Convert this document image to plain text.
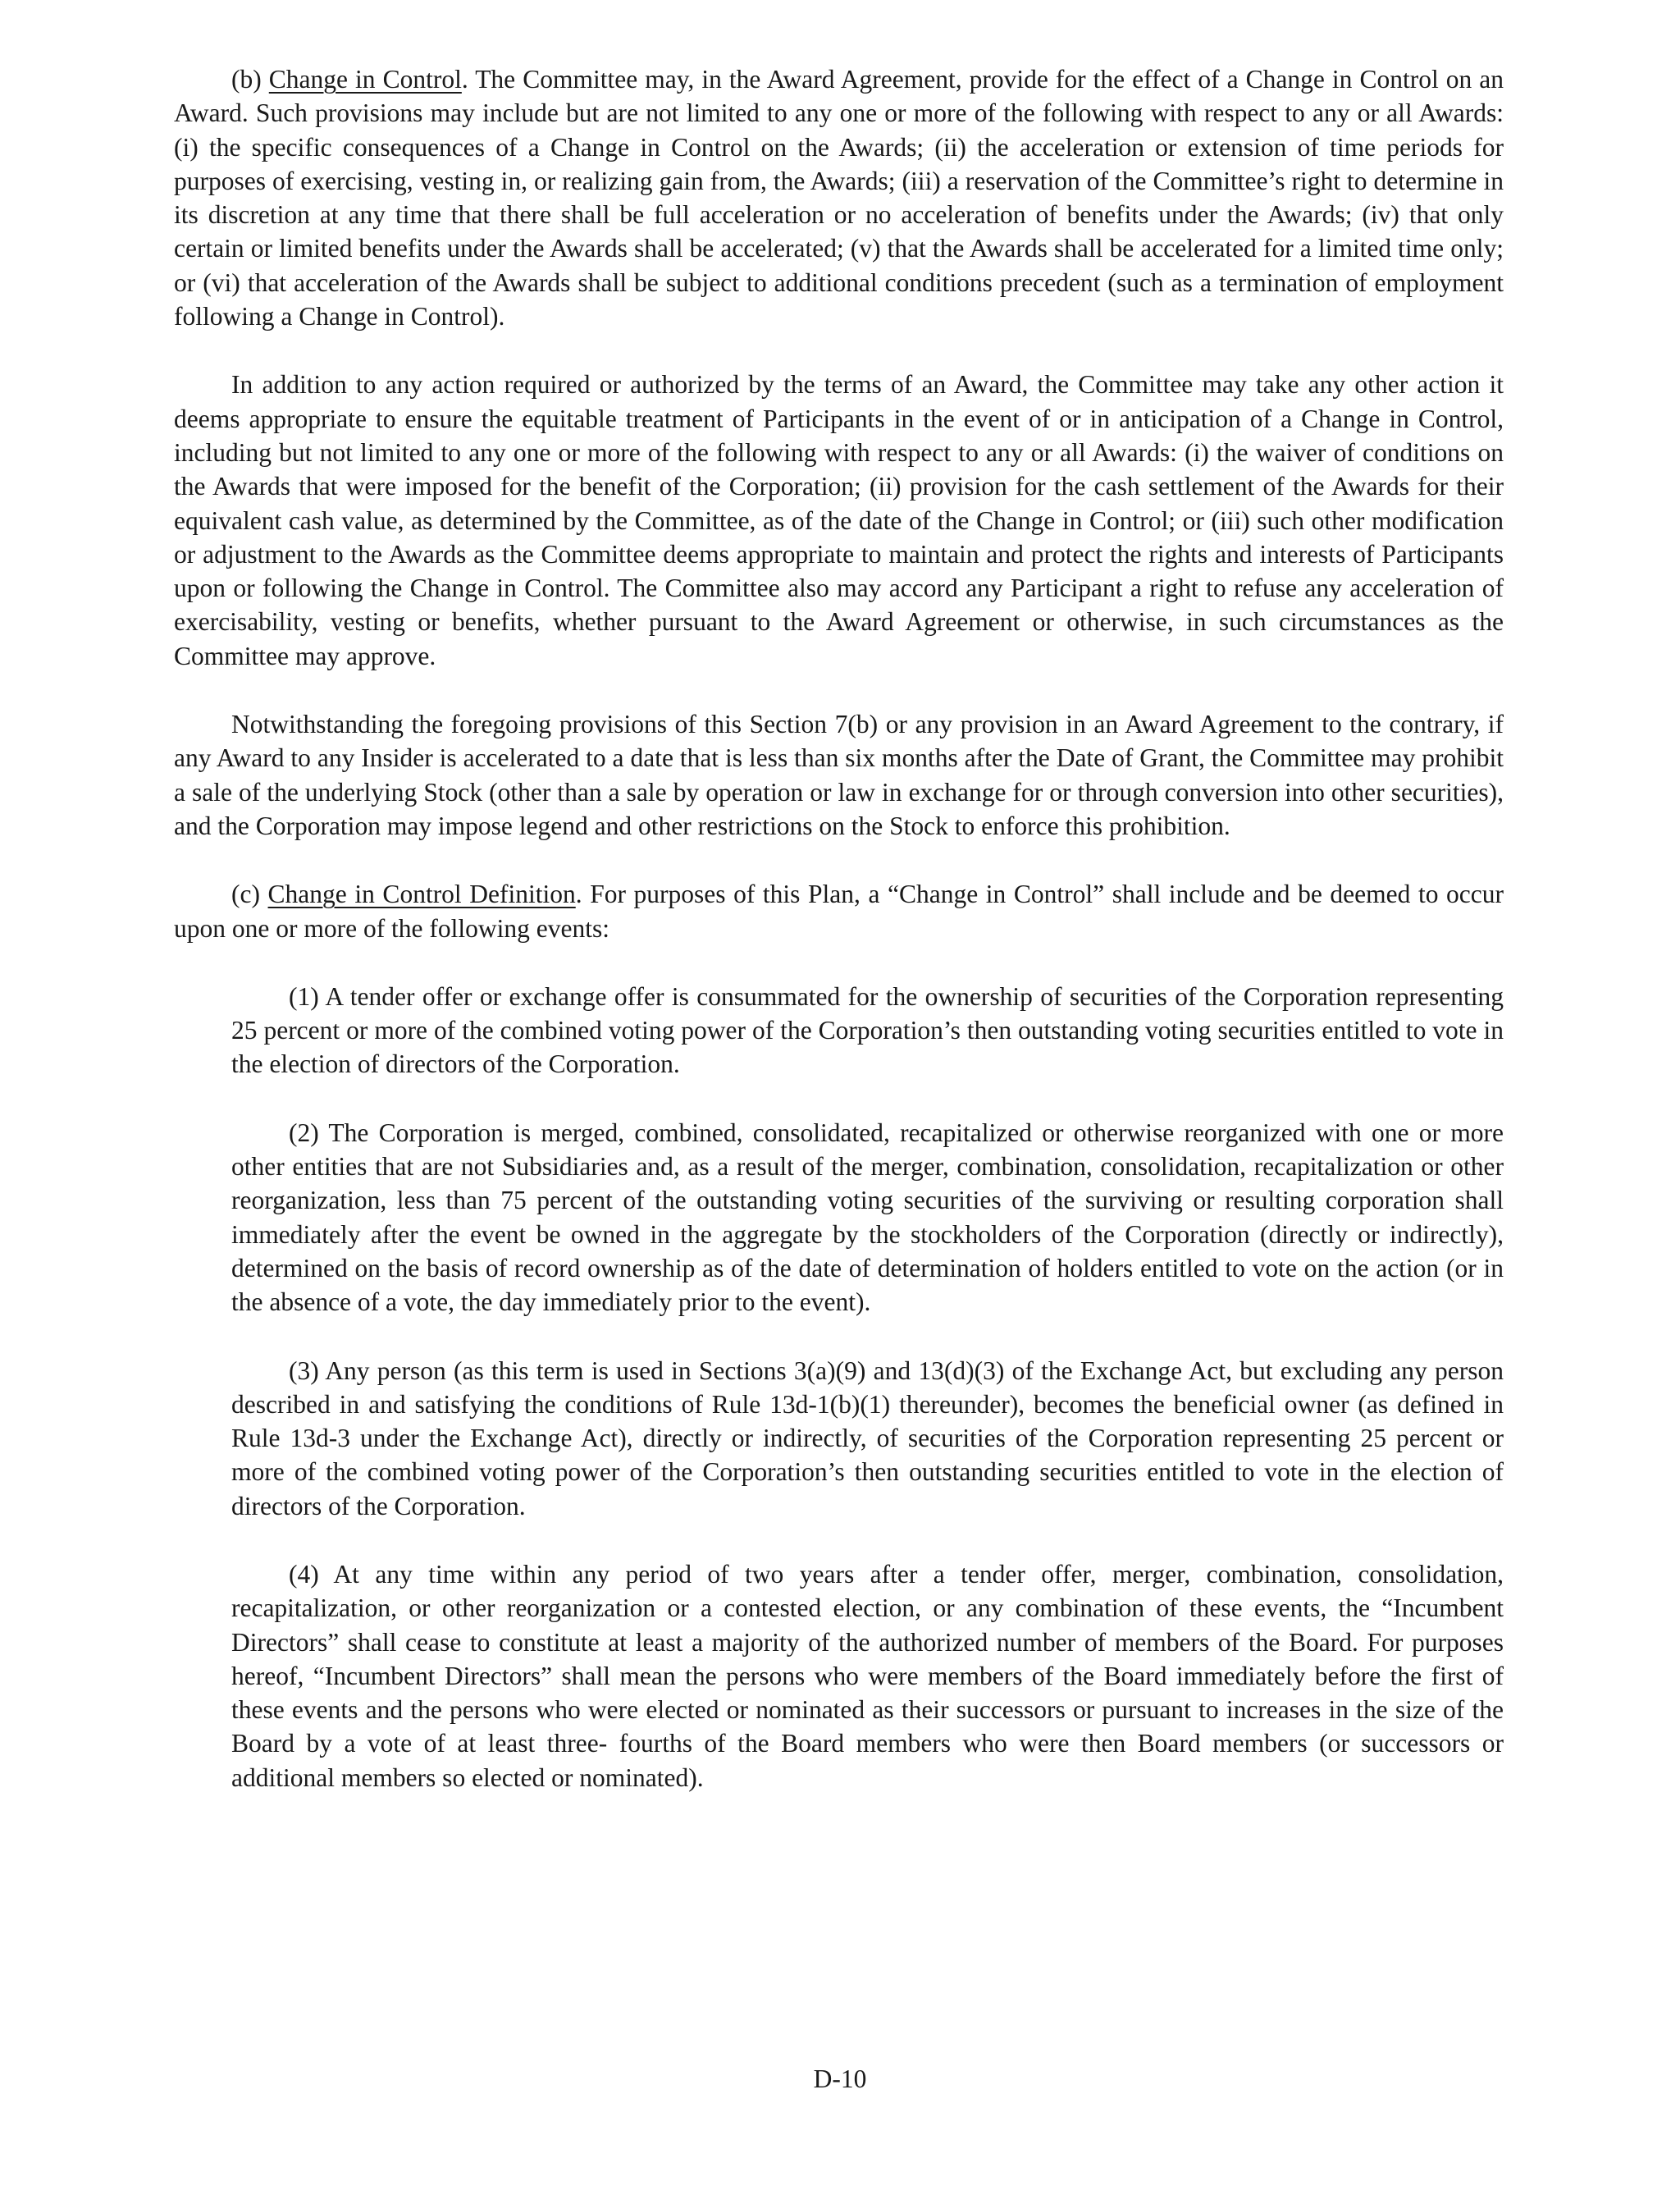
(b) Change in Control. The Committee may, in the Award Agreement, provide for the effect of a Change in Control on an Award. Such provisions may include but are not limited to any one or more of the following with respect to any or all Awards: (i) the specific consequences of a Change in Control on the Awards; (ii) the acceleration or extension of time periods for purposes of exercising, vesting in, or realizing gain from, the Awards; (iii) a reservation of the Committee’s right to determine in its discretion at any time that there shall be full acceleration or no acceleration of benefits under the Awards; (iv) that only certain or limited benefits under the Awards shall be accelerated; (v) that the Awards shall be accelerated for a limited time only; or (vi) that acceleration of the Awards shall be subject to additional conditions precedent (such as a termination of employment following a Change in Control).

In addition to any action required or authorized by the terms of an Award, the Committee may take any other action it deems appropriate to ensure the equitable treatment of Participants in the event of or in anticipation of a Change in Control, including but not limited to any one or more of the following with respect to any or all Awards: (i) the waiver of conditions on the Awards that were imposed for the benefit of the Corporation; (ii) provision for the cash settlement of the Awards for their equivalent cash value, as determined by the Committee, as of the date of the Change in Control; or (iii) such other modification or adjustment to the Awards as the Committee deems appropriate to maintain and protect the rights and interests of Participants upon or following the Change in Control. The Committee also may accord any Participant a right to refuse any acceleration of exercisability, vesting or benefits, whether pursuant to the Award Agreement or otherwise, in such circumstances as the Committee may approve.

Notwithstanding the foregoing provisions of this Section 7(b) or any provision in an Award Agreement to the contrary, if any Award to any Insider is accelerated to a date that is less than six months after the Date of Grant, the Committee may prohibit a sale of the underlying Stock (other than a sale by operation or law in exchange for or through conversion into other securities), and the Corporation may impose legend and other restrictions on the Stock to enforce this prohibition.

(c) Change in Control Definition. For purposes of this Plan, a “Change in Control” shall include and be deemed to occur upon one or more of the following events:

(1) A tender offer or exchange offer is consummated for the ownership of securities of the Corporation representing 25 percent or more of the combined voting power of the Corporation’s then outstanding voting securities entitled to vote in the election of directors of the Corporation.

(2) The Corporation is merged, combined, consolidated, recapitalized or otherwise reorganized with one or more other entities that are not Subsidiaries and, as a result of the merger, combination, consolidation, recapitalization or other reorganization, less than 75 percent of the outstanding voting securities of the surviving or resulting corporation shall immediately after the event be owned in the aggregate by the stockholders of the Corporation (directly or indirectly), determined on the basis of record ownership as of the date of determination of holders entitled to vote on the action (or in the absence of a vote, the day immediately prior to the event).

(3) Any person (as this term is used in Sections 3(a)(9) and 13(d)(3) of the Exchange Act, but excluding any person described in and satisfying the conditions of Rule 13d-1(b)(1) thereunder), becomes the beneficial owner (as defined in Rule 13d-3 under the Exchange Act), directly or indirectly, of securities of the Corporation representing 25 percent or more of the combined voting power of the Corporation’s then outstanding securities entitled to vote in the election of directors of the Corporation.

(4) At any time within any period of two years after a tender offer, merger, combination, consolidation, recapitalization, or other reorganization or a contested election, or any combination of these events, the “Incumbent Directors” shall cease to constitute at least a majority of the authorized number of members of the Board. For purposes hereof, “Incumbent Directors” shall mean the persons who were members of the Board immediately before the first of these events and the persons who were elected or nominated as their successors or pursuant to increases in the size of the Board by a vote of at least three- fourths of the Board members who were then Board members (or successors or additional members so elected or nominated).

D-10
